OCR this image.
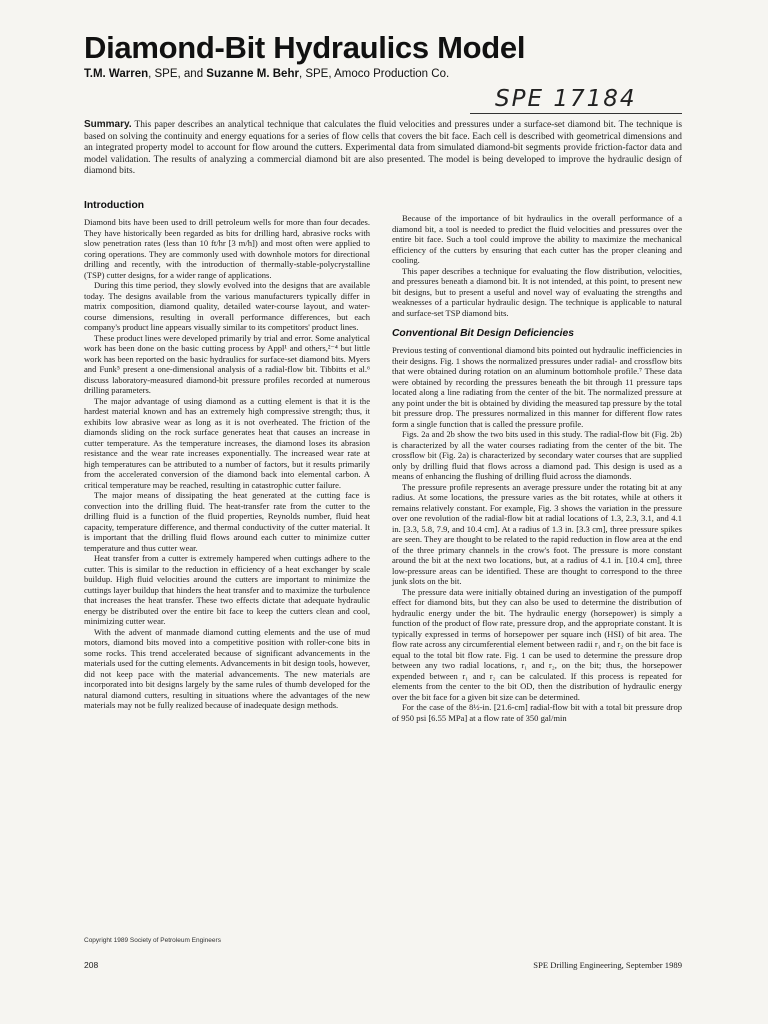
Diamond-Bit Hydraulics Model
T.M. Warren, SPE, and Suzanne M. Behr, SPE, Amoco Production Co.
SPE 17184
Summary. This paper describes an analytical technique that calculates the fluid velocities and pressures under a surface-set diamond bit. The technique is based on solving the continuity and energy equations for a series of flow cells that covers the bit face. Each cell is described with geometrical dimensions and an integrated property model to account for flow around the cutters. Experimental data from simulated diamond-bit segments provide friction-factor data and model validation. The results of analyzing a commercial diamond bit are also presented. The model is being developed to improve the hydraulic design of diamond bits.
Introduction

Diamond bits have been used to drill petroleum wells for more than four decades. They have historically been regarded as bits for drilling hard, abrasive rocks with slow penetration rates (less than 10 ft/hr [3 m/h]) and most often were applied to coring operations. They are commonly used with downhole motors for directional drilling and recently, with the introduction of thermally-stable-polycrystalline (TSP) cutter designs, for a wider range of applications.

During this time period, they slowly evolved into the designs that are available today. The designs available from the various manufacturers typically differ in matrix composition, diamond quality, detailed water-course layout, and water-course dimensions, resulting in overall performance differences, but each company's product line appears visually similar to its competitors' product lines.

These product lines were developed primarily by trial and error. Some analytical work has been done on the basic cutting process by Appl¹ and others,²⁻⁴ but little work has been reported on the basic hydraulics for surface-set diamond bits. Myers and Funk⁵ present a one-dimensional analysis of a radial-flow bit. Tibbitts et al.⁶ discuss laboratory-measured diamond-bit pressure profiles recorded at numerous drilling parameters.

The major advantage of using diamond as a cutting element is that it is the hardest material known and has an extremely high compressive strength; thus, it exhibits low abrasive wear as long as it is not overheated. The friction of the diamonds sliding on the rock surface generates heat that causes an increase in cutter temperature. As the temperature increases, the diamond loses its abrasion resistance and the wear rate increases exponentially. The increased wear rate at high temperatures can be attributed to a number of factors, but it results primarily from the accelerated conversion of the diamond back into elemental carbon. A critical temperature may be reached, resulting in catastrophic cutter failure.

The major means of dissipating the heat generated at the cutting face is convection into the drilling fluid. The heat-transfer rate from the cutter to the drilling fluid is a function of the fluid properties, Reynolds number, fluid heat capacity, temperature difference, and thermal conductivity of the cutter material. It is important that the drilling fluid flows around each cutter to minimize cutter temperature and thus cutter wear.

Heat transfer from a cutter is extremely hampered when cuttings adhere to the cutter. This is similar to the reduction in efficiency of a heat exchanger by scale buildup. High fluid velocities around the cutters are important to minimize the cuttings layer buildup that hinders the heat transfer and to maximize the turbulence that increases the heat transfer. These two effects dictate that adequate hydraulic energy be distributed over the entire bit face to keep the cutters clean and cool, minimizing cutter wear.

With the advent of manmade diamond cutting elements and the use of mud motors, diamond bits moved into a competitive position with roller-cone bits in some rocks. This trend accelerated because of significant advancements in the materials used for the cutting elements. Advancements in bit design tools, however, did not keep pace with the material advancements. The new materials are incorporated into bit designs largely by the same rules of thumb developed for the natural diamond cutters, resulting in situations where the advantages of the new materials may not be fully realized because of inadequate design methods.

Because of the importance of bit hydraulics in the overall performance of a diamond bit, a tool is needed to predict the fluid velocities and pressures over the entire bit face. Such a tool could improve the ability to maximize the mechanical efficiency of the cutters by ensuring that each cutter has the proper cleaning and cooling.

This paper describes a technique for evaluating the flow distribution, velocities, and pressures beneath a diamond bit. It is not intended, at this point, to present new bit designs, but to present a useful and novel way of evaluating the strengths and weaknesses of a particular hydraulic design. The technique is applicable to natural and surface-set TSP diamond bits.

Conventional Bit Design Deficiencies

Previous testing of conventional diamond bits pointed out hydraulic inefficiencies in their designs. Fig. 1 shows the normalized pressures under radial- and crossflow bits that were obtained during rotation on an aluminum bottomhole profile.⁷ These data were obtained by recording the pressures beneath the bit through 11 pressure taps located along a line radiating from the center of the bit. The normalized pressure at any point under the bit is obtained by dividing the measured tap pressure by the total bit pressure drop. The pressures normalized in this manner for different flow rates form a single function that is called the pressure profile.

Figs. 2a and 2b show the two bits used in this study. The radial-flow bit (Fig. 2b) is characterized by all the water courses radiating from the center of the bit. The crossflow bit (Fig. 2a) is characterized by secondary water courses that are supplied only by drilling fluid that flows across a diamond pad. This design is used as a means of enhancing the flushing of drilling fluid across the diamonds.

The pressure profile represents an average pressure under the rotating bit at any radius. At some locations, the pressure varies as the bit rotates, while at others it remains relatively constant. For example, Fig. 3 shows the variation in the pressure over one revolution of the radial-flow bit at radial locations of 1.3, 2.3, 3.1, and 4.1 in. [3.3, 5.8, 7.9, and 10.4 cm]. At a radius of 1.3 in. [3.3 cm], three pressure spikes are seen. They are thought to be related to the rapid reduction in flow area at the end of the three primary channels in the crow's foot. The pressure is more constant around the bit at the next two locations, but, at a radius of 4.1 in. [10.4 cm], three low-pressure areas can be identified. These are thought to correspond to the three junk slots on the bit.

The pressure data were initially obtained during an investigation of the pumpoff effect for diamond bits, but they can also be used to determine the distribution of hydraulic energy under the bit. The hydraulic energy (horsepower) is simply a function of the product of flow rate, pressure drop, and the appropriate constant. It is typically expressed in terms of horsepower per square inch (HSI) of bit area. The flow rate across any circumferential element between radii r₁ and r₂ on the bit face is equal to the total bit flow rate. Fig. 1 can be used to determine the pressure drop between any two radial locations, r₁ and r₂, on the bit; thus, the horsepower expended between r₁ and r₂ can be calculated. If this process is repeated for elements from the center to the bit OD, then the distribution of hydraulic energy over the bit face for a given bit size can be determined.

For the case of the 8½-in. [21.6-cm] radial-flow bit with a total bit pressure drop of 950 psi [6.55 MPa] at a flow rate of 350 gal/min

Copyright 1989 Society of Petroleum Engineers
208	SPE Drilling Engineering, September 1989
